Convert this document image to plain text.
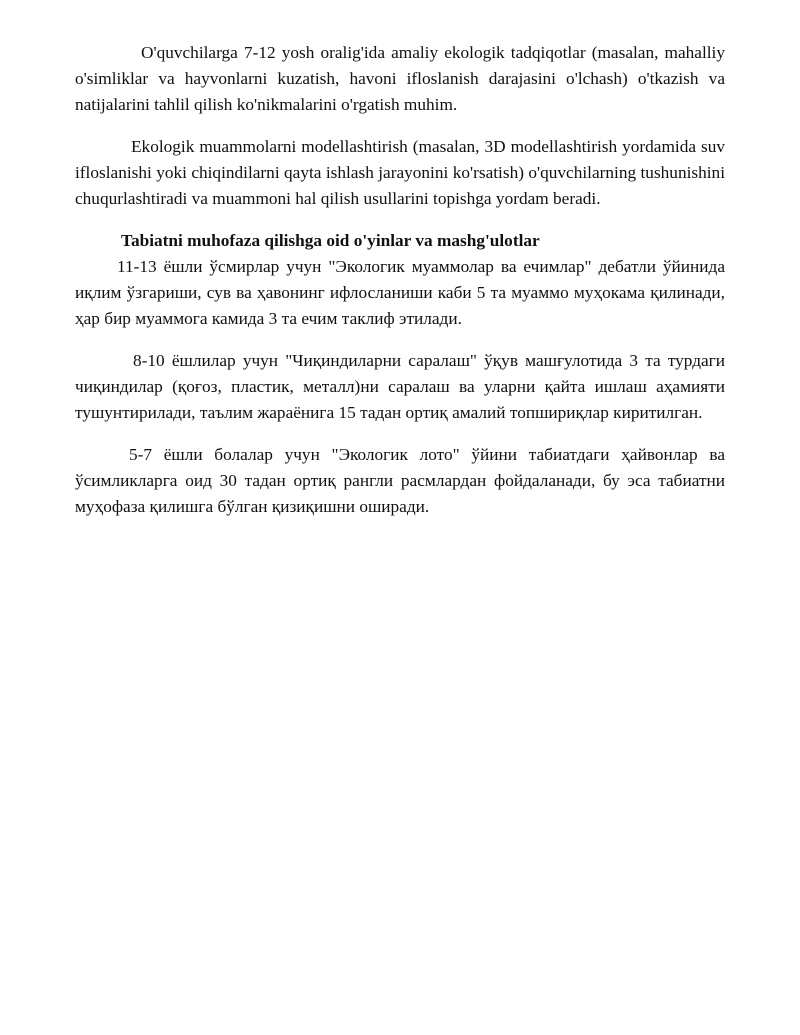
O'quvchilarga 7-12 yosh oralig'ida amaliy ekologik tadqiqotlar (masalan, mahalliy o'simliklar va hayvonlarni kuzatish, havoni ifloslanish darajasini o'lchash) o'tkazish va natijalarini tahlil qilish ko'nikmalarini o'rgatish muhim.

Ekologik muammolarni modellashtirish (masalan, 3D modellashtirish yordamida suv ifloslanishi yoki chiqindilarni qayta ishlash jarayonini ko'rsatish) o'quvchilarning tushunishini chuqurlashtiradi va muammoni hal qilish usullarini topishga yordam beradi.

Tabiatni muhofaza qilishga oid o'yinlar va mashg'ulotlar

11-13 ёшли ўсмирлар учун "Экологик муаммолар ва ечимлар" дебатли ўйинида иқлим ўзгариши, сув ва ҳавонинг ифлосланиши каби 5 та муаммо муҳокама қилинади, ҳар бир муаммога камида 3 та ечим таклиф этилади.

8-10 ёшлилар учун "Чиқиндиларни саралаш" ўқув машғулотида 3 та турдаги чиқиндилар (қоғоз, пластик, металл)ни саралаш ва уларни қайта ишлаш аҳамияти тушунтирилади, таълим жараёнига 15 тадан ортиқ амалий топшириқлар киритилган.

5-7 ёшли болалар учун "Экологик лото" ўйини табиатдаги ҳайвонлар ва ўсимликларга оид 30 тадан ортиқ рангли расмлардан фойдаланади, бу эса табиатни муҳофаза қилишга бўлган қизиқишни оширади.
